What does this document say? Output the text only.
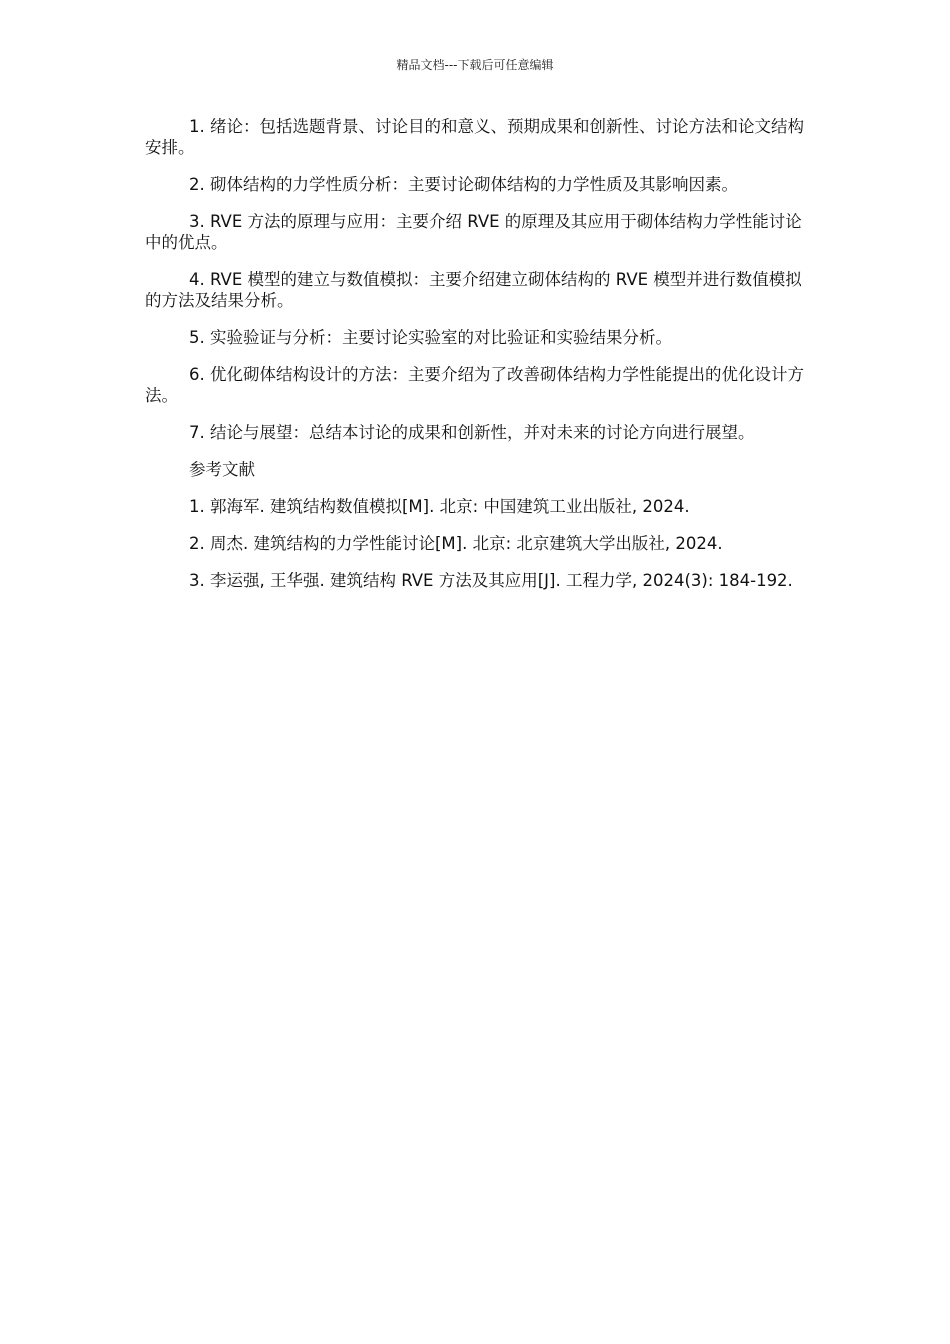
精品文档---下载后可任意编辑

1. 绪论：包括选题背景、讨论目的和意义、预期成果和创新性、讨论方法和论文结构安排。

2. 砌体结构的力学性质分析：主要讨论砌体结构的力学性质及其影响因素。

3. RVE 方法的原理与应用：主要介绍 RVE 的原理及其应用于砌体结构力学性能讨论中的优点。

4. RVE 模型的建立与数值模拟：主要介绍建立砌体结构的 RVE 模型并进行数值模拟的方法及结果分析。

5. 实验验证与分析：主要讨论实验室的对比验证和实验结果分析。

6. 优化砌体结构设计的方法：主要介绍为了改善砌体结构力学性能提出的优化设计方法。

7. 结论与展望：总结本讨论的成果和创新性，并对未来的讨论方向进行展望。

参考文献

1. 郭海军. 建筑结构数值模拟[M]. 北京: 中国建筑工业出版社, 2024.

2. 周杰. 建筑结构的力学性能讨论[M]. 北京: 北京建筑大学出版社, 2024.

3. 李运强, 王华强. 建筑结构 RVE 方法及其应用[J]. 工程力学, 2024(3): 184-192.
